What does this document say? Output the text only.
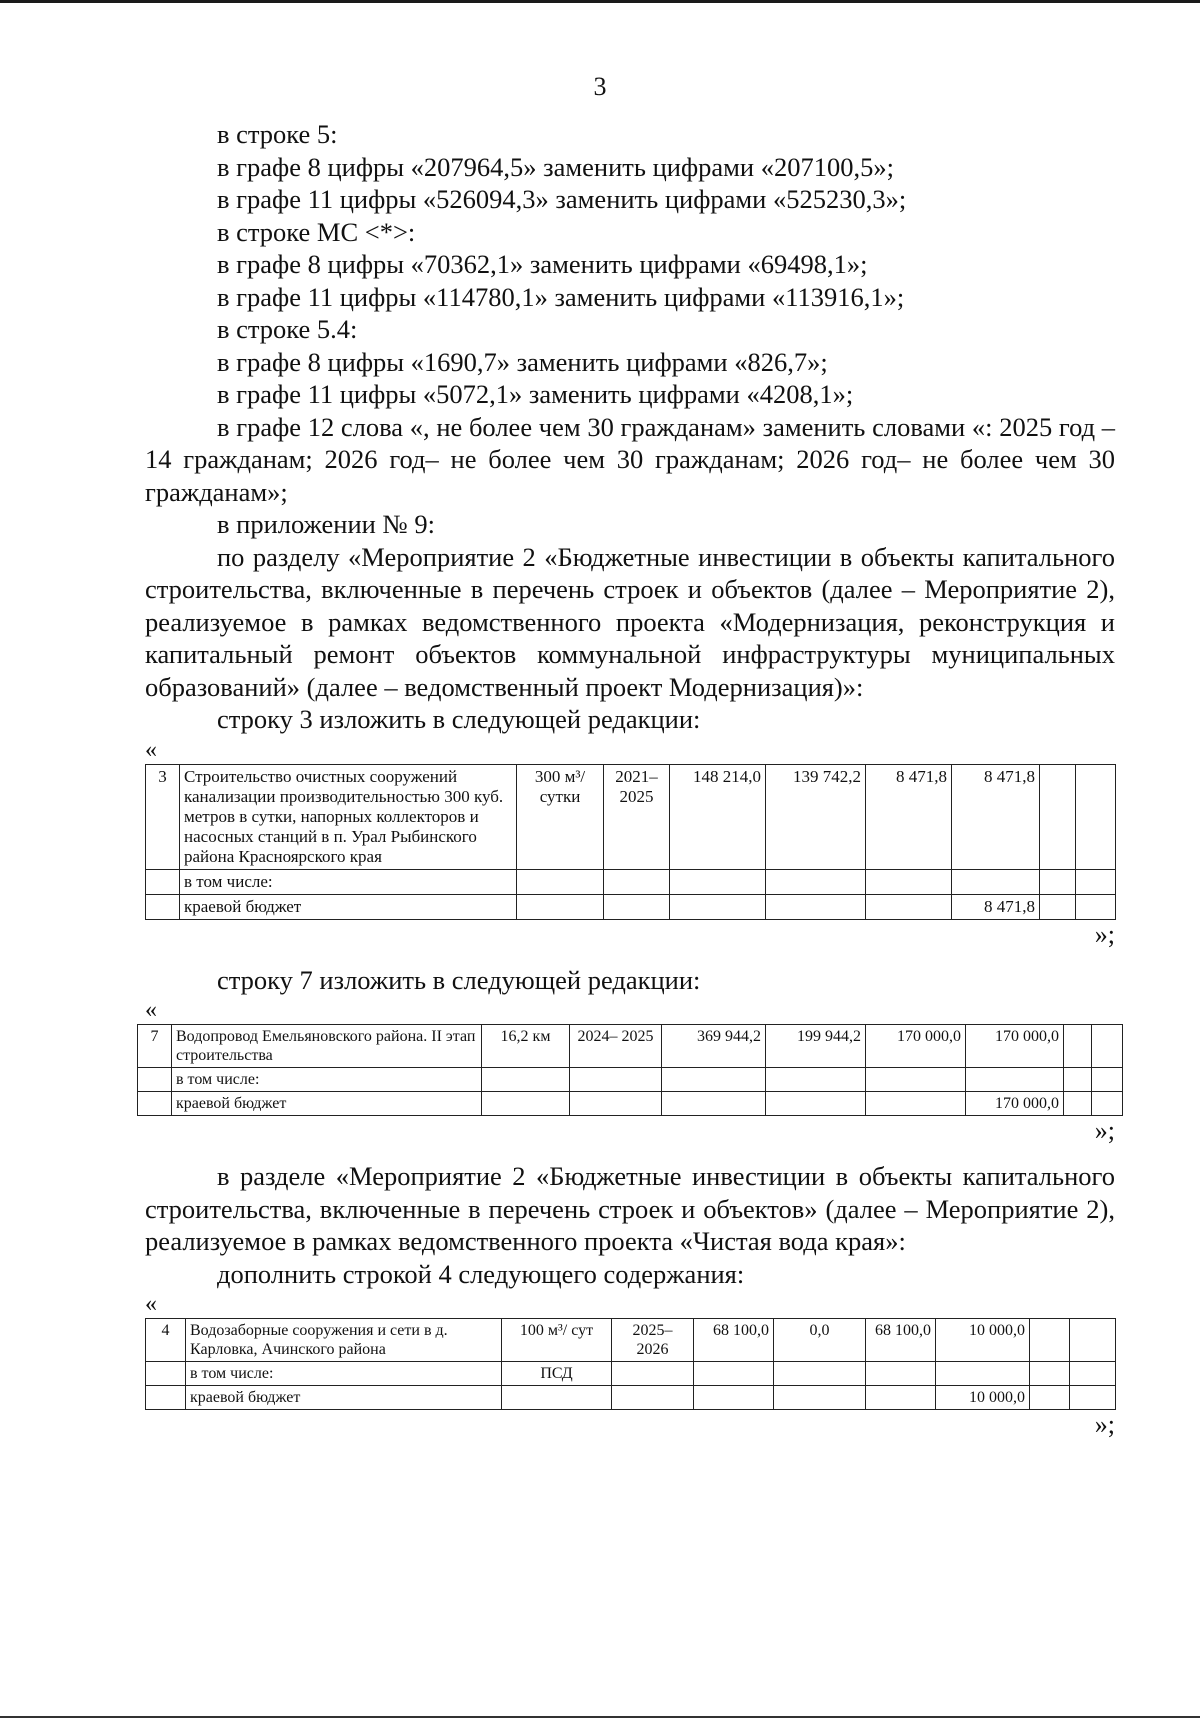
3

в строке 5:

в графе 8 цифры «207964,5» заменить цифрами «207100,5»;

в графе 11 цифры «526094,3» заменить цифрами «525230,3»;

в строке МС <*>:

в графе 8 цифры «70362,1» заменить цифрами «69498,1»;

в графе 11 цифры «114780,1» заменить цифрами «113916,1»;

в строке 5.4:

в графе 8 цифры «1690,7» заменить цифрами «826,7»;

в графе 11 цифры «5072,1» заменить цифрами «4208,1»;

в графе 12 слова «, не более чем 30 гражданам» заменить словами «: 2025 год – 14 гражданам; 2026 год– не более чем 30 гражданам; 2026 год– не более чем 30 гражданам»;

в приложении № 9:

по разделу «Мероприятие 2 «Бюджетные инвестиции в объекты капитального строительства, включенные в перечень строек и объектов (далее – Мероприятие 2), реализуемое в рамках ведомственного проекта «Модернизация, реконструкция и капитальный ремонт объектов коммунальной инфраструктуры муниципальных образований» (далее – ведомственный проект Модернизация)»:

строку 3 изложить в следующей редакции:

«

3	Строительство очистных сооружений канализации производительностью 300 куб. метров в сутки, напорных коллекторов и насосных станций в п. Урал Рыбинского района Красноярского края	300 м³/ сутки	2021– 2025	148 214,0	139 742,2	8 471,8	8 471,8		
	в том числе:								
	краевой бюджет						8 471,8		

»;

строку 7 изложить в следующей редакции:

«

7	Водопровод Емельяновского района. II этап строительства	16,2 км	2024– 2025	369 944,2	199 944,2	170 000,0	170 000,0		
	в том числе:								
	краевой бюджет						170 000,0		

»;

в разделе «Мероприятие 2 «Бюджетные инвестиции в объекты капитального строительства, включенные в перечень строек и объектов» (далее – Мероприятие 2), реализуемое в рамках ведомственного проекта «Чистая вода края»:

дополнить строкой 4 следующего содержания:

«

4	Водозаборные сооружения и сети в д. Карловка, Ачинского района	100 м³/ сут	2025– 2026	68 100,0	0,0	68 100,0	10 000,0		
	в том числе:	ПСД							
	краевой бюджет						10 000,0		

»;
